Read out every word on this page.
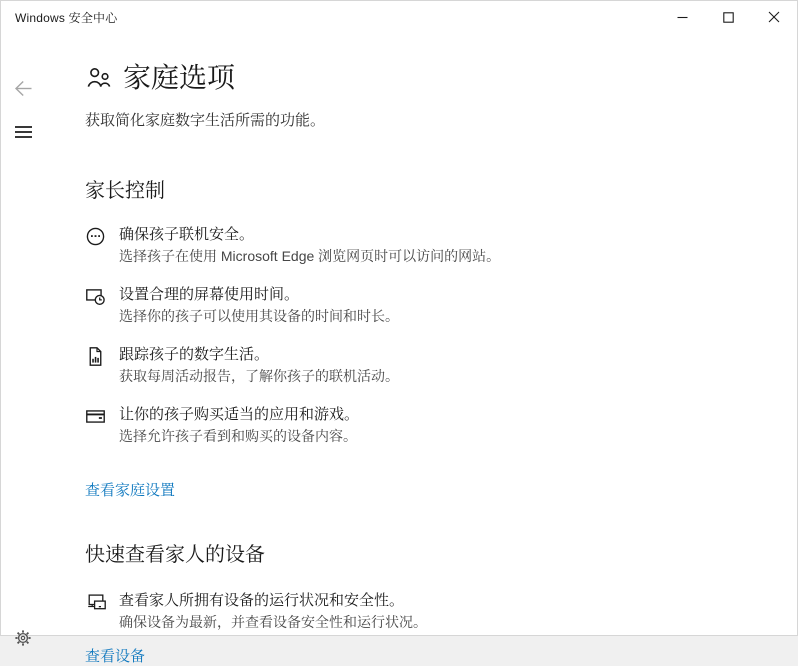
Windows 安全中心
家庭选项
获取简化家庭数字生活所需的功能。
家长控制
确保孩子联机安全。
选择孩子在使用 Microsoft Edge 浏览网页时可以访问的网站。
设置合理的屏幕使用时间。
选择你的孩子可以使用其设备的时间和时长。
跟踪孩子的数字生活。
获取每周活动报告，了解你孩子的联机活动。
让你的孩子购买适当的应用和游戏。
选择允许孩子看到和购买的设备内容。
查看家庭设置
快速查看家人的设备
查看家人所拥有设备的运行状况和安全性。
确保设备为最新，并查看设备安全性和运行状况。
查看设备
